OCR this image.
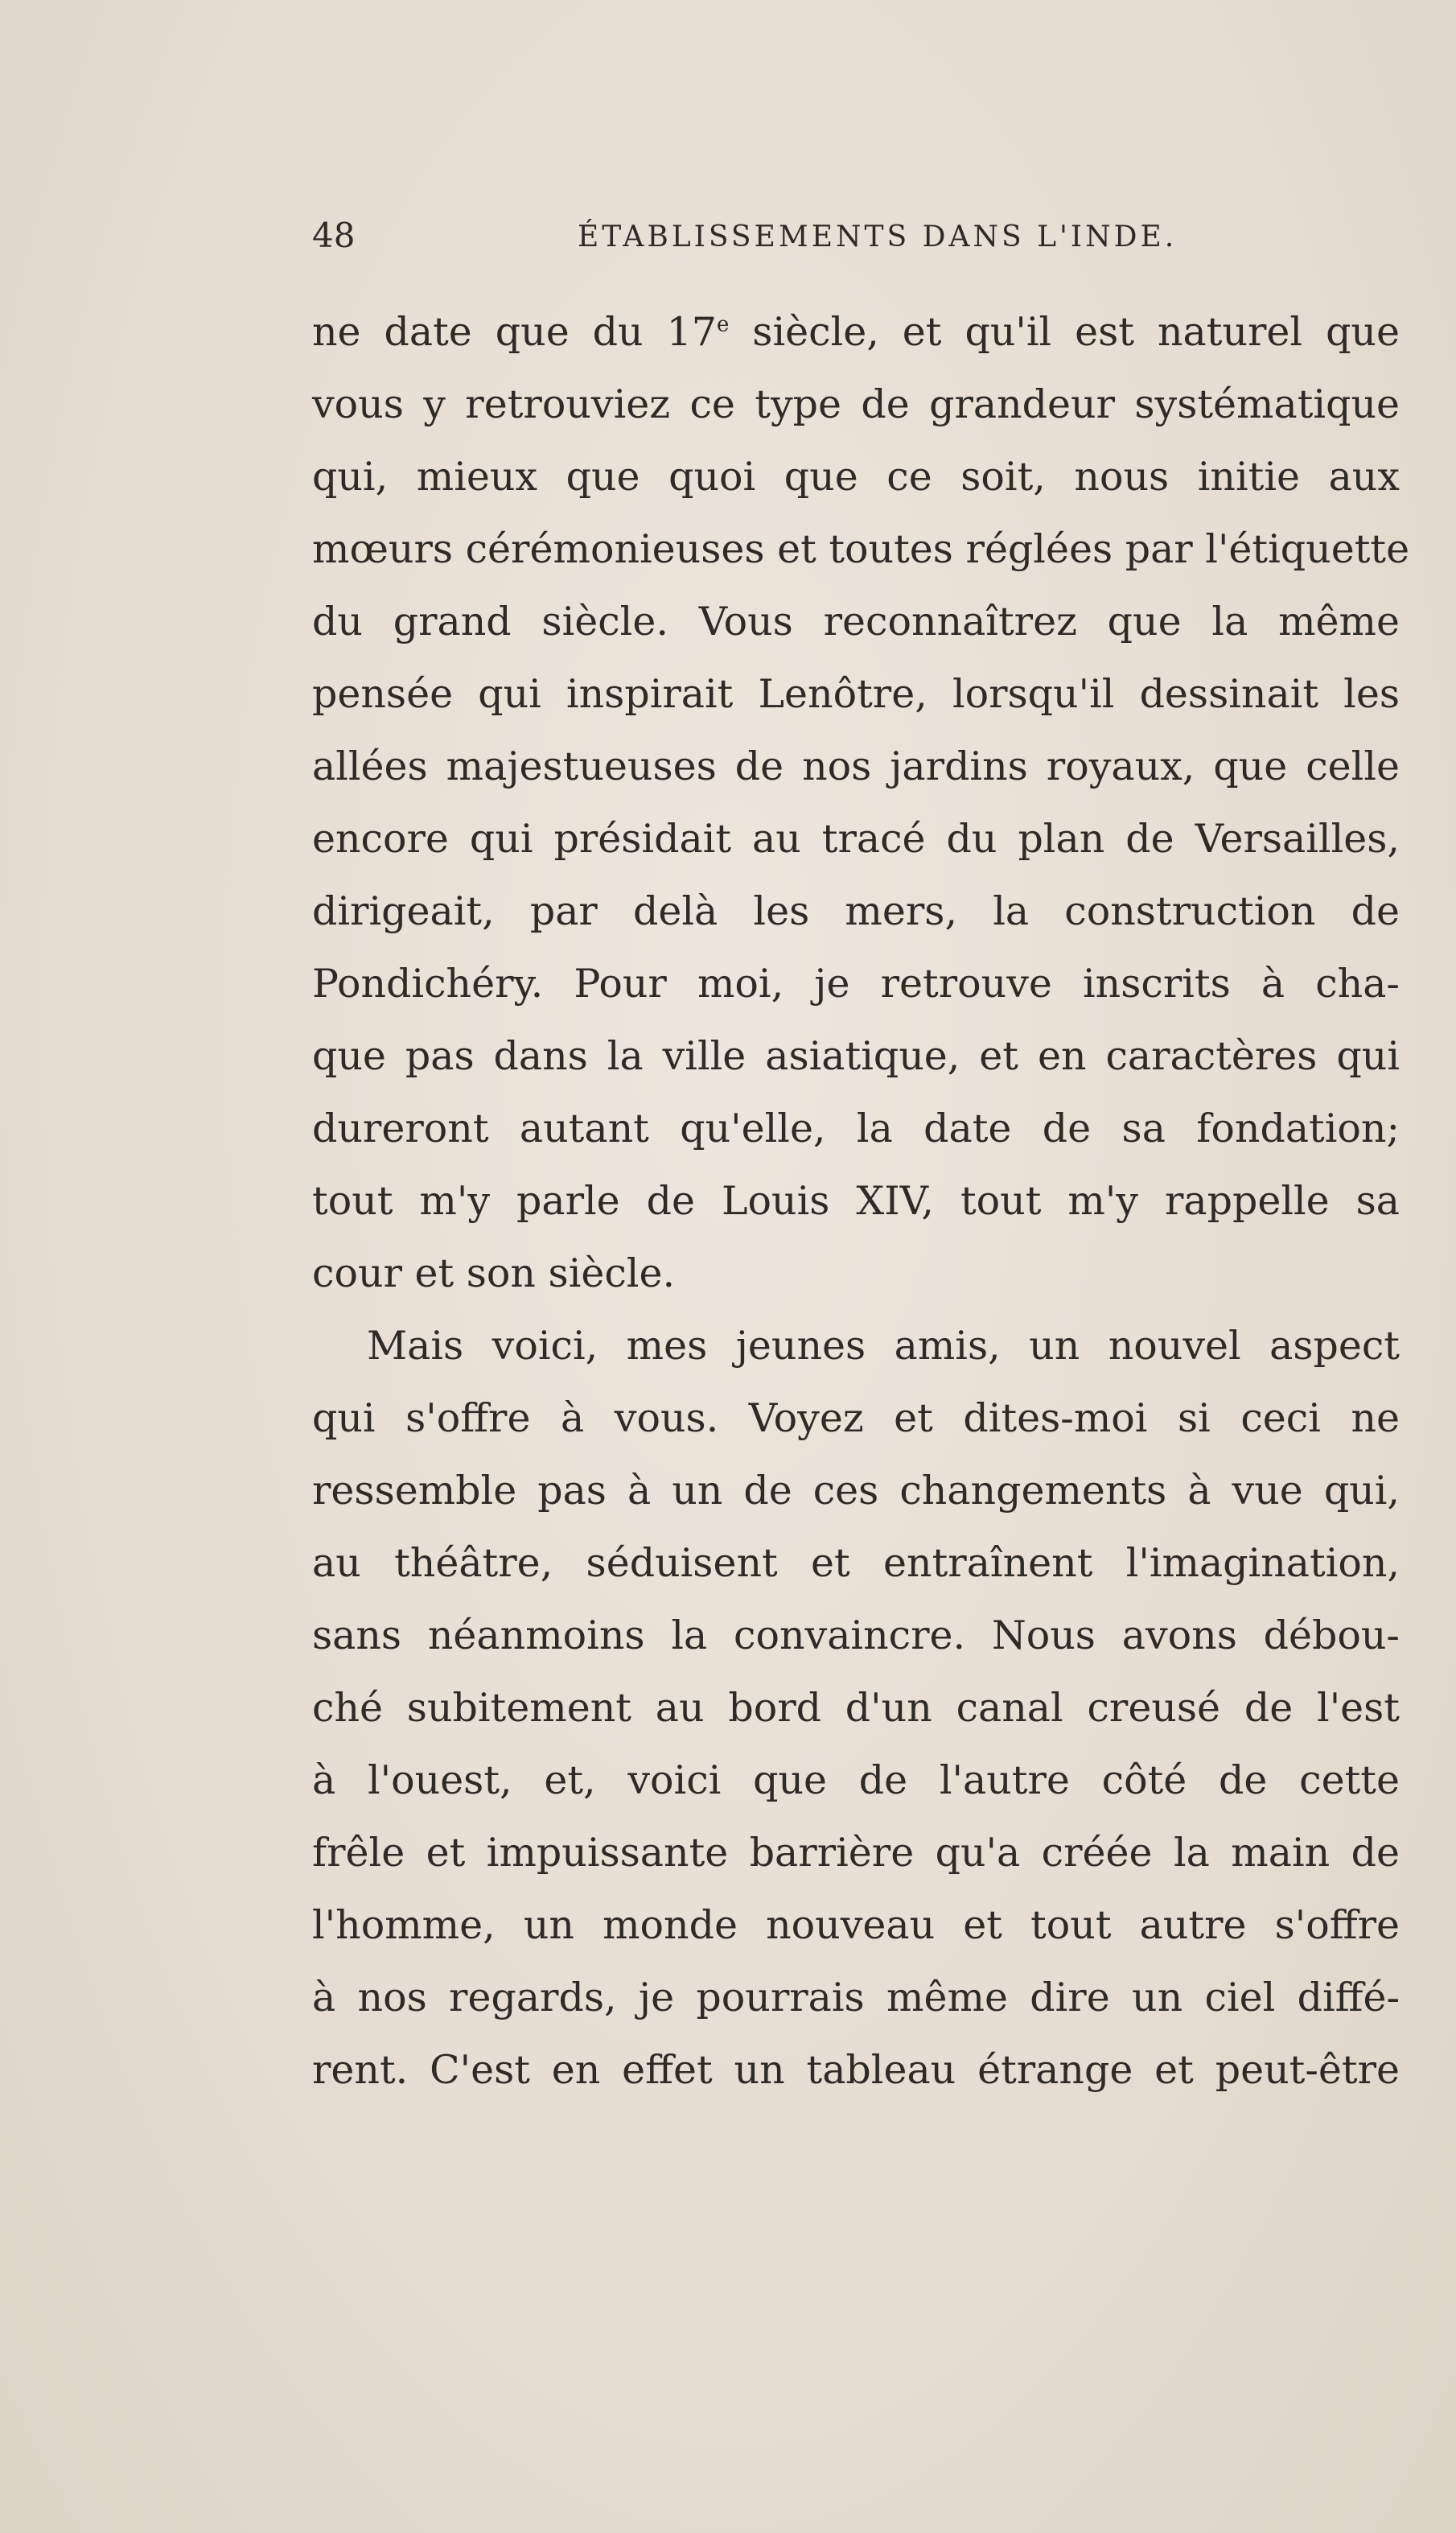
48	ÉTABLISSEMENTS DANS L'INDE.
ne date que du 17e siècle, et qu'il est naturel que
vous y retrouviez ce type de grandeur systématique
qui, mieux que quoi que ce soit, nous initie aux
mœurs cérémonieuses et toutes réglées par l'étiquette
du grand siècle. Vous reconnaîtrez que la même
pensée qui inspirait Lenôtre, lorsqu'il dessinait les
allées majestueuses de nos jardins royaux, que celle
encore qui présidait au tracé du plan de Versailles,
dirigeait, par delà les mers, la construction de
Pondichéry. Pour moi, je retrouve inscrits à cha-
que pas dans la ville asiatique, et en caractères qui
dureront autant qu'elle, la date de sa fondation;
tout m'y parle de Louis XIV, tout m'y rappelle sa
cour et son siècle.
Mais voici, mes jeunes amis, un nouvel aspect
qui s'offre à vous. Voyez et dites-moi si ceci ne
ressemble pas à un de ces changements à vue qui,
au théâtre, séduisent et entraînent l'imagination,
sans néanmoins la convaincre. Nous avons débou-
ché subitement au bord d'un canal creusé de l'est
à l'ouest, et, voici que de l'autre côté de cette
frêle et impuissante barrière qu'a créée la main de
l'homme, un monde nouveau et tout autre s'offre
à nos regards, je pourrais même dire un ciel diffé-
rent. C'est en effet un tableau étrange et peut-être
